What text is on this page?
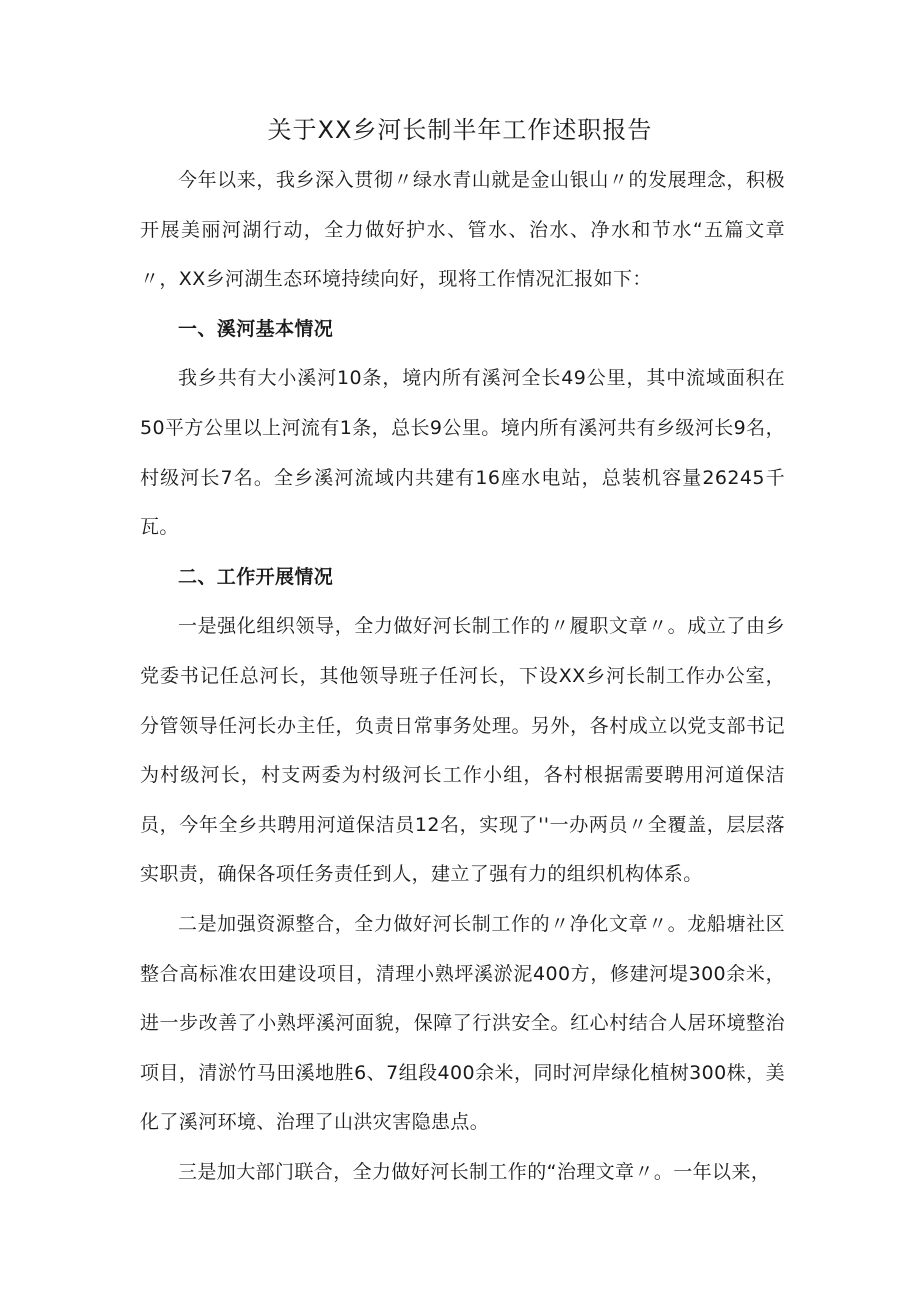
关于XX乡河长制半年工作述职报告

今年以来，我乡深入贯彻〃绿水青山就是金山银山〃的发展理念，积极开展美丽河湖行动，全力做好护水、管水、治水、净水和节水“五篇文章〃，XX乡河湖生态环境持续向好，现将工作情况汇报如下：

一、溪河基本情况

我乡共有大小溪河10条，境内所有溪河全长49公里，其中流域面积在50平方公里以上河流有1条，总长9公里。境内所有溪河共有乡级河长9名，村级河长7名。全乡溪河流域内共建有16座水电站，总装机容量26245千瓦。

二、工作开展情况

一是强化组织领导，全力做好河长制工作的〃履职文章〃。成立了由乡党委书记任总河长，其他领导班子任河长，下设XX乡河长制工作办公室，分管领导任河长办主任，负责日常事务处理。另外，各村成立以党支部书记为村级河长，村支两委为村级河长工作小组，各村根据需要聘用河道保洁员，今年全乡共聘用河道保洁员12名，实现了''一办两员〃全覆盖，层层落实职责，确保各项任务责任到人，建立了强有力的组织机构体系。

二是加强资源整合，全力做好河长制工作的〃净化文章〃。龙船塘社区整合高标准农田建设项目，清理小熟坪溪淤泥400方，修建河堤300余米，进一步改善了小熟坪溪河面貌，保障了行洪安全。红心村结合人居环境整治项目，清淤竹马田溪地胜6、7组段400余米，同时河岸绿化植树300株，美化了溪河环境、治理了山洪灾害隐患点。

三是加大部门联合，全力做好河长制工作的“治理文章〃。一年以来，
